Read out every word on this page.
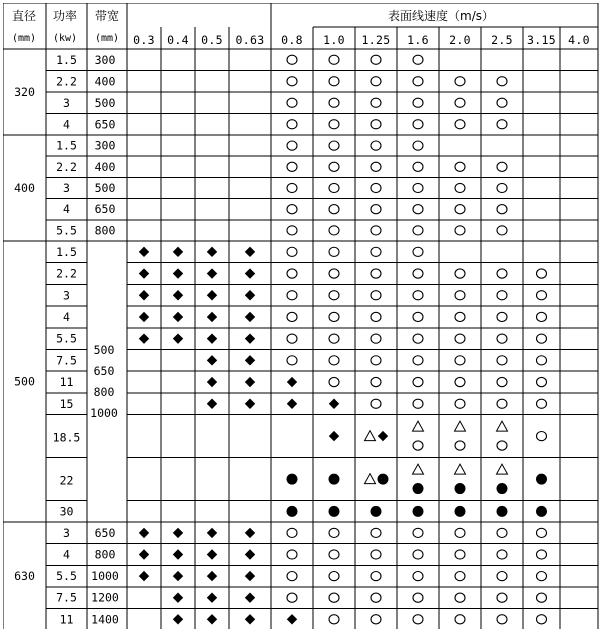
直径
(mm)
功率
(kw)
带宽
(mm)
表面线速度（m/s）
0.3 0.4 0.5 0.63 0.8 1.0 1.25 1.6 2.0 2.5 3.15 4.0
1.5 300
2.2 400
3 500
4 650
320
1.5 300
2.2 400
3 500
4 650
5.5 800
400
1.5
2.2
3
4
5.5
7.5
11
15
18.5
22
30
500
500
650
800
1000
3 650
4 800
5.5 1000
7.5 1200
11 1400
630
